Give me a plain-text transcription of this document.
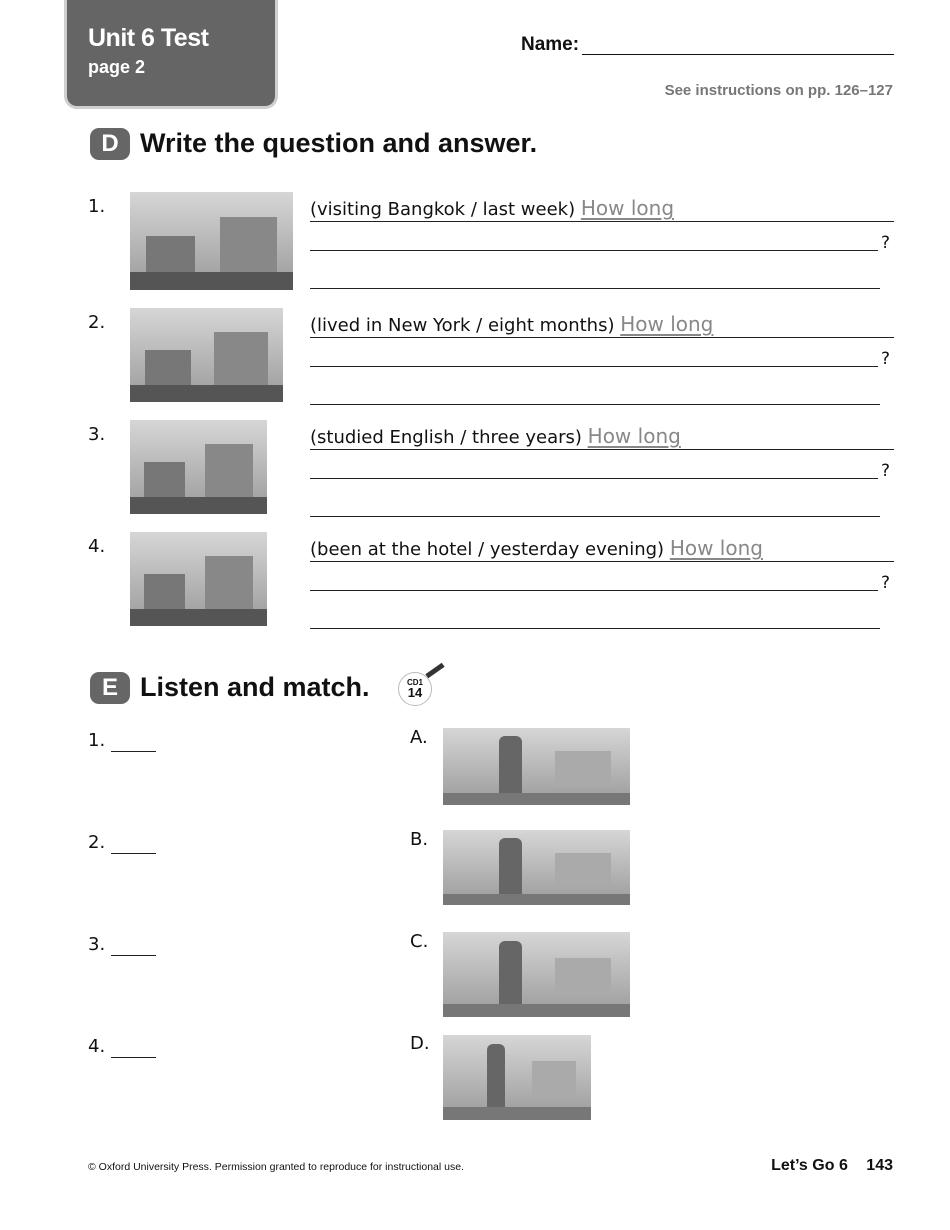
Unit 6 Test
page 2
Name:
See instructions on pp. 126–127
D Write the question and answer.
1.	(visiting Bangkok / last week) How long
?
2.	(lived in New York / eight months) How long
?
3.	(studied English / three years) How long
?
4.	(been at the hotel / yesterday evening) How long
?
E Listen and match.	CD1
14
1.
2.
3.
4.
A.
B.
C.
D.
© Oxford University Press. Permission granted to reproduce for instructional use.	Let’s Go 6 143
